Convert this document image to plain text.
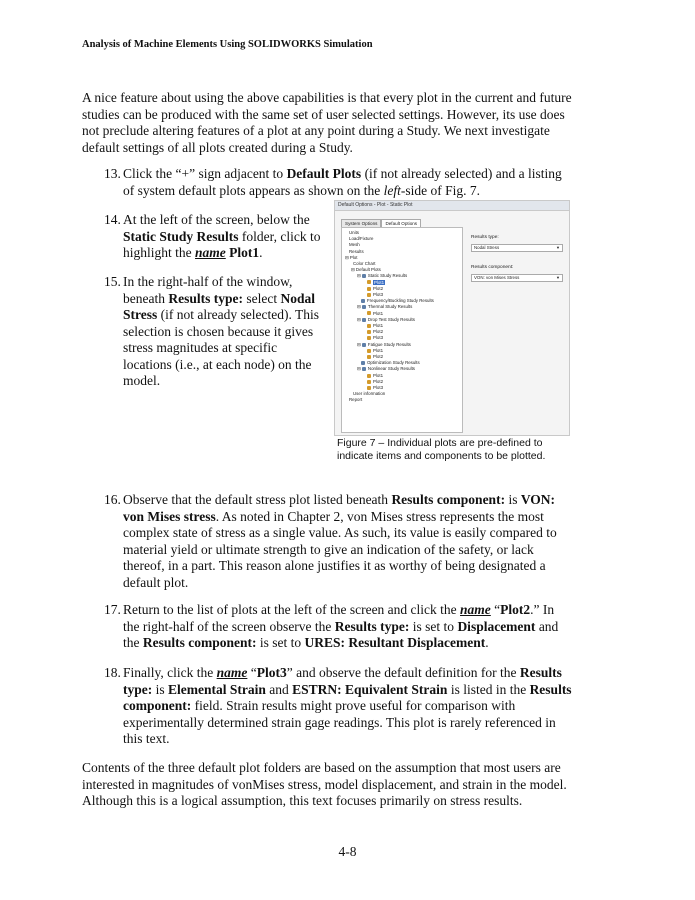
Analysis of Machine Elements Using SOLIDWORKS Simulation
A nice feature about using the above capabilities is that every plot in the current and future studies can be produced with the same set of user selected settings. However, its use does not preclude altering features of a plot at any point during a Study. We next investigate default settings of all plots created during a Study.
13. Click the “+” sign adjacent to Default Plots (if not already selected) and a listing of system default plots appears as shown on the left-side of Fig. 7.
14. At the left of the screen, below the Static Study Results folder, click to highlight the name Plot1.
15. In the right-half of the window, beneath Results type: select Nodal Stress (if not already selected). This selection is chosen because it gives stress magnitudes at specific locations (i.e., at each node) on the model.
Default Options - Plot - Static Plot
System Options	Default Options
Units
Load/Fixture
Mesh
Results
⊟ Plot
Color Chart
⊟ Default Plots
⊟ Static Study Results
Plot1
Plot2
Plot3
Frequency/Buckling Study Results
⊟ Thermal Study Results
Plot1
⊟ Drop Test Study Results
Plot1
Plot2
Plot3
⊟ Fatigue Study Results
Plot1
Plot2
Optimization Study Results
⊟ Nonlinear Study Results
Plot1
Plot2
Plot3
User information
Report
Results type:
Nodal Stress	▼
Results component:
VON: von Mises Stress	▼
Figure 7 – Individual plots are pre-defined to indicate items and components to be plotted.
16. Observe that the default stress plot listed beneath Results component: is VON: von Mises stress. As noted in Chapter 2, von Mises stress represents the most complex state of stress as a single value. As such, its value is easily compared to material yield or ultimate strength to give an indication of the safety, or lack thereof, in a part. This reason alone justifies it as worthy of being designated a default plot.
17. Return to the list of plots at the left of the screen and click the name “Plot2.” In the right-half of the screen observe the Results type: is set to Displacement and the Results component: is set to URES: Resultant Displacement.
18. Finally, click the name “Plot3” and observe the default definition for the Results type: is Elemental Strain and ESTRN: Equivalent Strain is listed in the Results component: field. Strain results might prove useful for comparison with experimentally determined strain gage readings. This plot is rarely referenced in this text.
Contents of the three default plot folders are based on the assumption that most users are interested in magnitudes of vonMises stress, model displacement, and strain in the model. Although this is a logical assumption, this text focuses primarily on stress results.
4-8
